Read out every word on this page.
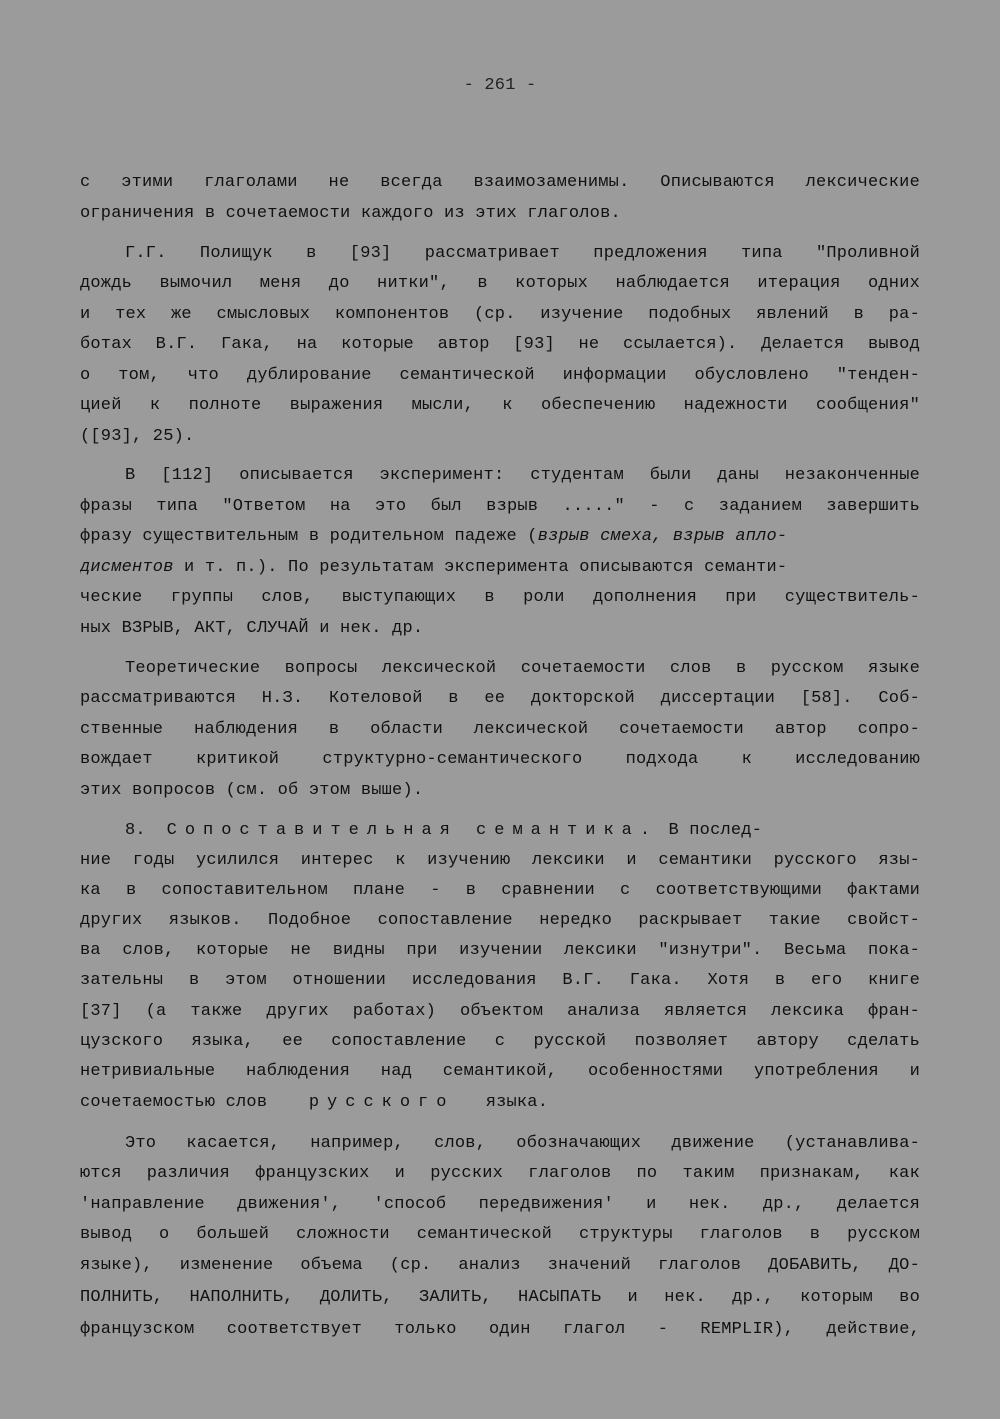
- 261 -
с этими глаголами не всегда взаимозаменимы. Описываются лексические
ограничения в сочетаемости каждого из этих глаголов.
Г.Г. Полищук в [93] рассматривает предложения типа "Проливной
дождь вымочил меня до нитки", в которых наблюдается итерация одних
и тех же смысловых компонентов (ср. изучение подобных явлений в ра-
ботах В.Г. Гака, на которые автор [93] не ссылается). Делается вывод
о том, что дублирование семантической информации обусловлено "тенден-
цией к полноте выражения мысли, к обеспечению надежности сообщения"
([93], 25).
В [112] описывается эксперимент: студентам были даны незаконченные
фразы типа "Ответом на это был взрыв ....." - с заданием завершить
фразу существительным в родительном падеже (взрыв смеха, взрыв апло-
дисментов и т. п.). По результатам эксперимента описываются семанти-
ческие группы слов, выступающих в роли дополнения при существитель-
ных ВЗРЫВ, АКТ, СЛУЧАЙ и нек. др.
Теоретические вопросы лексической сочетаемости слов в русском языке
рассматриваются Н.З. Котеловой в ее докторской диссертации [58]. Соб-
ственные наблюдения в области лексической сочетаемости автор сопро-
вождает критикой структурно-семантического подхода к исследованию
этих вопросов (см. об этом выше).
8. Сопоставительная семантика. В послед-
ние годы усилился интерес к изучению лексики и семантики русского язы-
ка в сопоставительном плане - в сравнении с соответствующими фактами
других языков. Подобное сопоставление нередко раскрывает такие свойст-
ва слов, которые не видны при изучении лексики "изнутри". Весьма пока-
зательны в этом отношении исследования В.Г. Гака. Хотя в его книге
[37] (а также других работах) объектом анализа является лексика фран-
цузского языка, ее сопоставление с русской позволяет автору сделать
нетривиальные наблюдения над семантикой, особенностями употребления и
сочетаемостью слов русского языка.
Это касается, например, слов, обозначающих движение (устанавлива-
ются различия французских и русских глаголов по таким признакам, как
'направление движения', 'способ передвижения' и нек. др., делается
вывод о большей сложности семантической структуры глаголов в русском
языке), изменение объема (ср. анализ значений глаголов ДОБАВИТЬ, ДО-
ПОЛНИТЬ, НАПОЛНИТЬ, ДОЛИТЬ, ЗАЛИТЬ, НАСЫПАТЬ и нек. др., которым во
французском соответствует только один глагол - REMPLIR), действие,
